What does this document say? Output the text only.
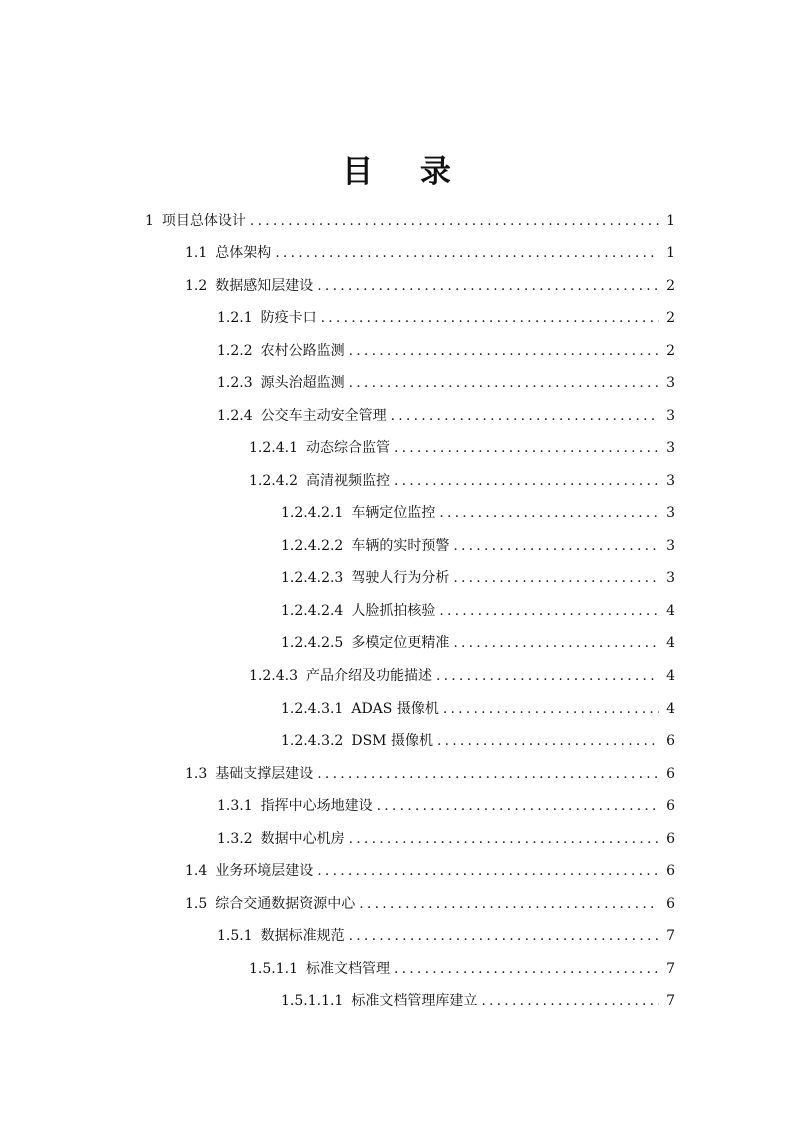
目 录
1 项目总体设计 .....	1
1.1 总体架构 .....	1
1.2 数据感知层建设 .....	2
1.2.1 防疫卡口 .....	2
1.2.2 农村公路监测 .....	2
1.2.3 源头治超监测 .....	3
1.2.4 公交车主动安全管理 .....	3
1.2.4.1 动态综合监管 .....	3
1.2.4.2 高清视频监控 .....	3
1.2.4.2.1 车辆定位监控 .....	3
1.2.4.2.2 车辆的实时预警 .....	3
1.2.4.2.3 驾驶人行为分析 .....	3
1.2.4.2.4 人脸抓拍核验 .....	4
1.2.4.2.5 多模定位更精准 .....	4
1.2.4.3 产品介绍及功能描述 .....	4
1.2.4.3.1 ADAS 摄像机 .....	4
1.2.4.3.2 DSM 摄像机 .....	6
1.3 基础支撑层建设 .....	6
1.3.1 指挥中心场地建设 .....	6
1.3.2 数据中心机房 .....	6
1.4 业务环境层建设 .....	6
1.5 综合交通数据资源中心 .....	6
1.5.1 数据标准规范 .....	7
1.5.1.1 标准文档管理 .....	7
1.5.1.1.1 标准文档管理库建立 .....	7
